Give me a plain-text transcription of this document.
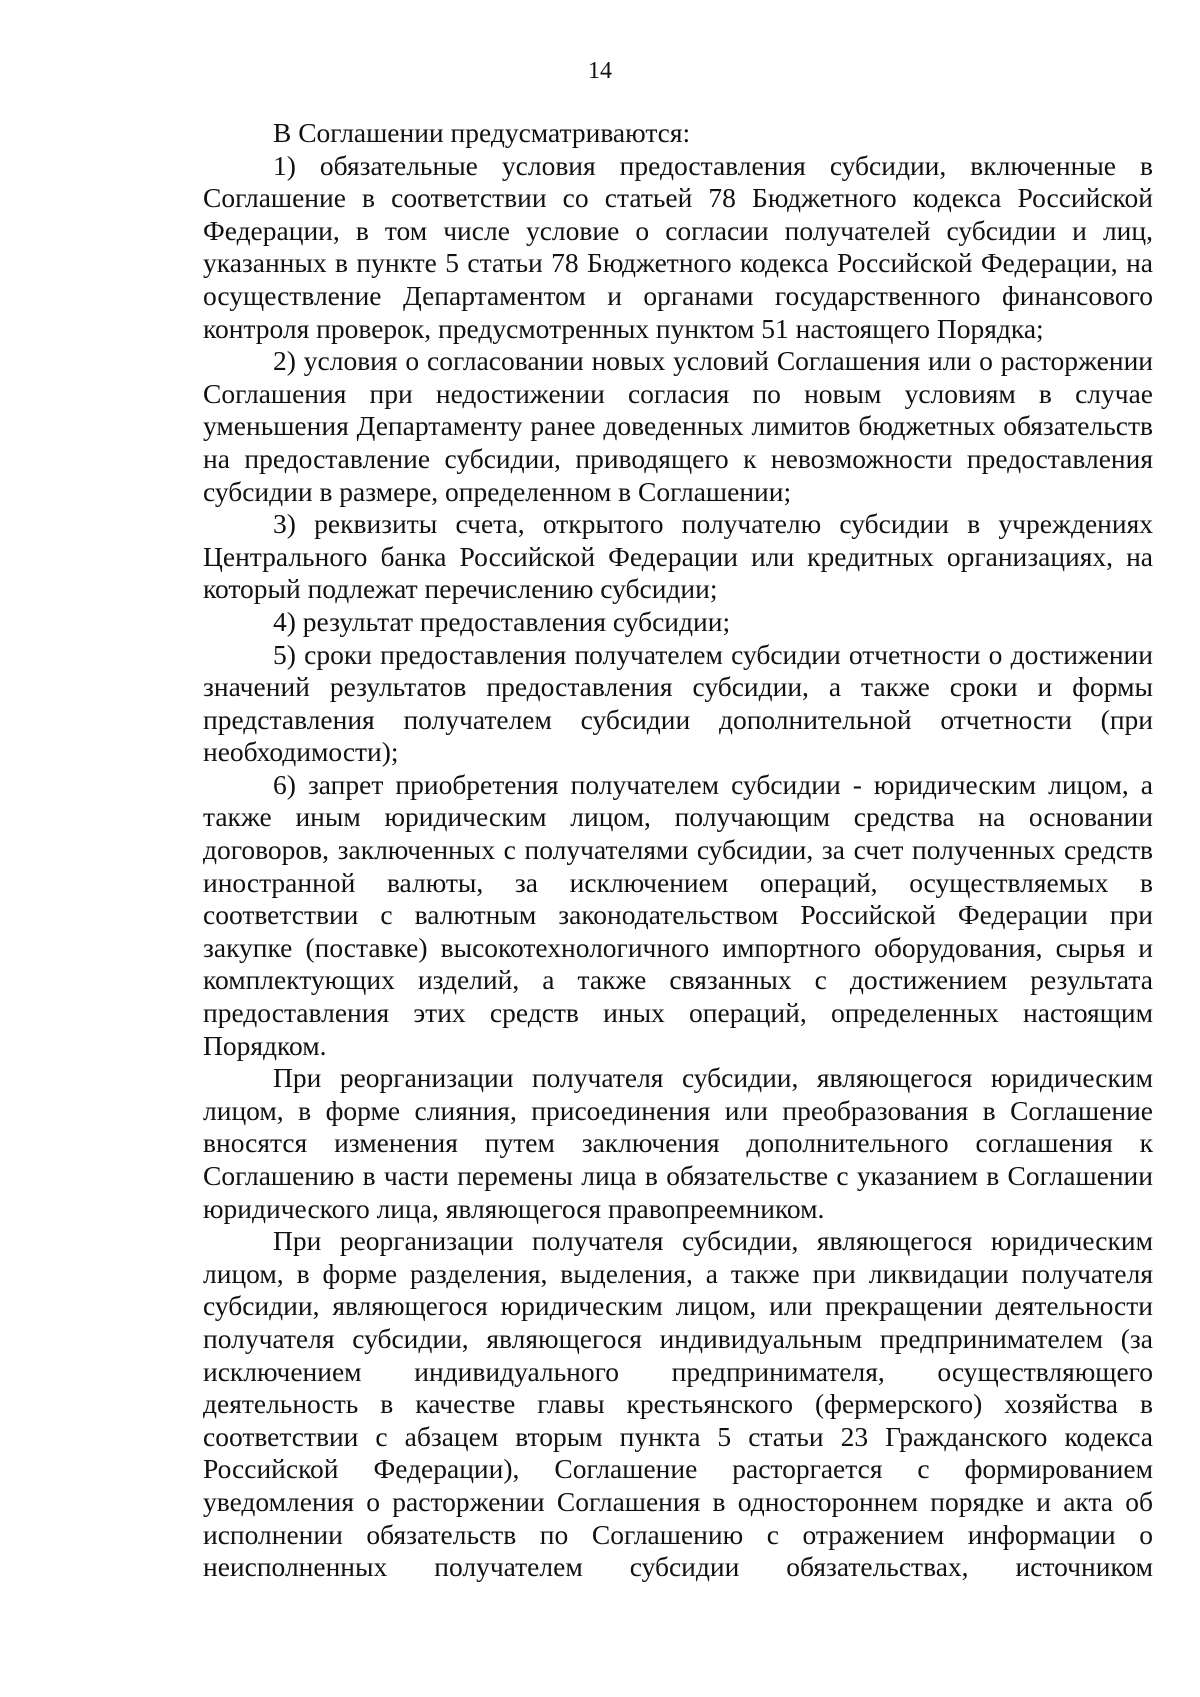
14

В Соглашении предусматриваются:

1) обязательные условия предоставления субсидии, включенные в Соглашение в соответствии со статьей 78 Бюджетного кодекса Российской Федерации, в том числе условие о согласии получателей субсидии и лиц, указанных в пункте 5 статьи 78 Бюджетного кодекса Российской Федерации, на осуществление Департаментом и органами государственного финансового контроля проверок, предусмотренных пунктом 51 настоящего Порядка;

2) условия о согласовании новых условий Соглашения или о расторжении Соглашения при недостижении согласия по новым условиям в случае уменьшения Департаменту ранее доведенных лимитов бюджетных обязательств на предоставление субсидии, приводящего к невозможности предоставления субсидии в размере, определенном в Соглашении;

3) реквизиты счета, открытого получателю субсидии в учреждениях Центрального банка Российской Федерации или кредитных организациях, на который подлежат перечислению субсидии;

4) результат предоставления субсидии;

5) сроки предоставления получателем субсидии отчетности о достижении значений результатов предоставления субсидии, а также сроки и формы представления получателем субсидии дополнительной отчетности (при необходимости);

6) запрет приобретения получателем субсидии - юридическим лицом, а также иным юридическим лицом, получающим средства на основании договоров, заключенных с получателями субсидии, за счет полученных средств иностранной валюты, за исключением операций, осуществляемых в соответствии с валютным законодательством Российской Федерации при закупке (поставке) высокотехнологичного импортного оборудования, сырья и комплектующих изделий, а также связанных с достижением результата предоставления этих средств иных операций, определенных настоящим Порядком.

При реорганизации получателя субсидии, являющегося юридическим лицом, в форме слияния, присоединения или преобразования в Соглашение вносятся изменения путем заключения дополнительного соглашения к Соглашению в части перемены лица в обязательстве с указанием в Соглашении юридического лица, являющегося правопреемником.

При реорганизации получателя субсидии, являющегося юридическим лицом, в форме разделения, выделения, а также при ликвидации получателя субсидии, являющегося юридическим лицом, или прекращении деятельности получателя субсидии, являющегося индивидуальным предпринимателем (за исключением индивидуального предпринимателя, осуществляющего деятельность в качестве главы крестьянского (фермерского) хозяйства в соответствии с абзацем вторым пункта 5 статьи 23 Гражданского кодекса Российской Федерации), Соглашение расторгается с формированием уведомления о расторжении Соглашения в одностороннем порядке и акта об исполнении обязательств по Соглашению с отражением информации о неисполненных получателем субсидии обязательствах, источником
